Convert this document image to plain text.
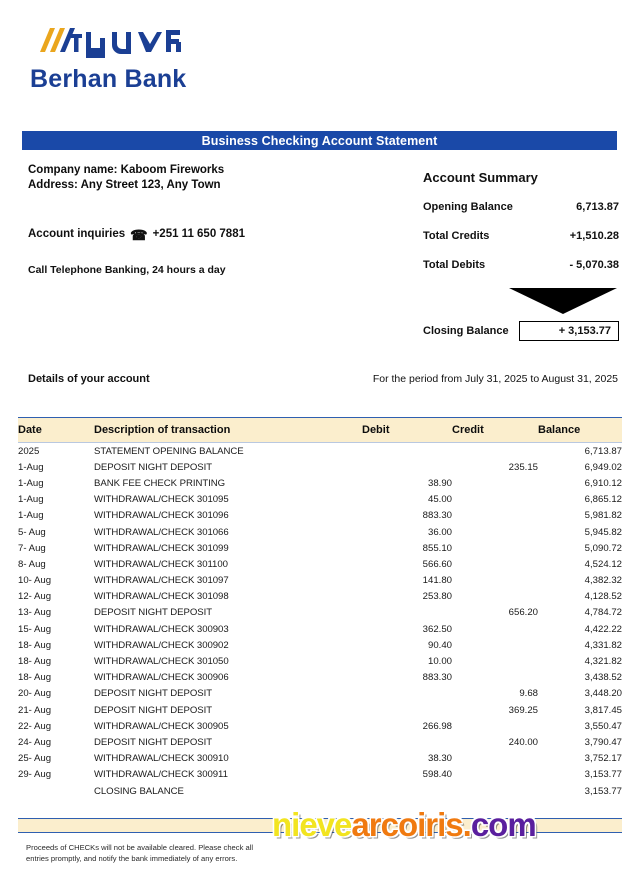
Berhan Bank
Business Checking Account Statement
Company name: Kaboom Fireworks
Address: Any Street 123, Any Town
Account inquiries ☎ +251 11 650 7881
Call Telephone Banking, 24 hours a day
Account Summary
Opening Balance	6,713.87
Total Credits	+1,510.28
Total Debits	- 5,070.38
Closing Balance	+ 3,153.77
Details of your account	For the period from July 31, 2025 to August 31, 2025
Date	Description of transaction	Debit	Credit	Balance
2025	STATEMENT OPENING BALANCE			6,713.87
1-Aug	DEPOSIT NIGHT DEPOSIT		235.15	6,949.02
1-Aug	BANK FEE CHECK PRINTING	38.90		6,910.12
1-Aug	WITHDRAWAL/CHECK 301095	45.00		6,865.12
1-Aug	WITHDRAWAL/CHECK 301096	883.30		5,981.82
5- Aug	WITHDRAWAL/CHECK 301066	36.00		5,945.82
7- Aug	WITHDRAWAL/CHECK 301099	855.10		5,090.72
8- Aug	WITHDRAWAL/CHECK 301100	566.60		4,524.12
10- Aug	WITHDRAWAL/CHECK 301097	141.80		4,382.32
12- Aug	WITHDRAWAL/CHECK 301098	253.80		4,128.52
13- Aug	DEPOSIT NIGHT DEPOSIT		656.20	4,784.72
15- Aug	WITHDRAWAL/CHECK 300903	362.50		4,422.22
18- Aug	WITHDRAWAL/CHECK 300902	90.40		4,331.82
18- Aug	WITHDRAWAL/CHECK 301050	10.00		4,321.82
18- Aug	WITHDRAWAL/CHECK 300906	883.30		3,438.52
20- Aug	DEPOSIT NIGHT DEPOSIT		9.68	3,448.20
21- Aug	DEPOSIT NIGHT DEPOSIT		369.25	3,817.45
22- Aug	WITHDRAWAL/CHECK 300905	266.98		3,550.47
24- Aug	DEPOSIT NIGHT DEPOSIT		240.00	3,790.47
25- Aug	WITHDRAWAL/CHECK 300910	38.30		3,752.17
29- Aug	WITHDRAWAL/CHECK 300911	598.40		3,153.77
	CLOSING BALANCE			3,153.77
nievearcoiris.com
Proceeds of CHECKs will not be available cleared. Please check all entries promptly, and notify the bank immediately of any errors.
